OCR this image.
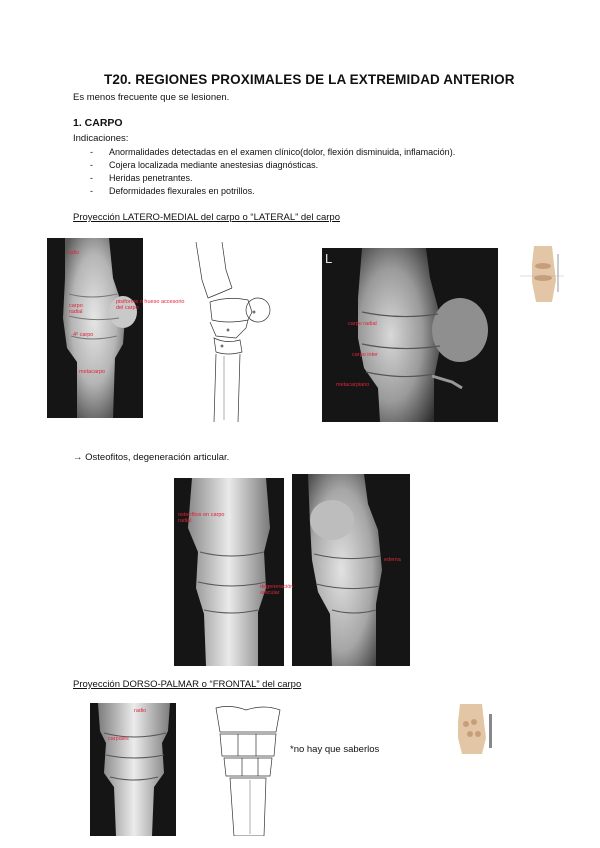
T20. REGIONES PROXIMALES DE LA EXTREMIDAD ANTERIOR
Es menos frecuente que se lesionen.
1. CARPO
Indicaciones:
- Anormalidades detectadas en el examen clínico(dolor, flexión disminuida, inflamación).
- Cojera localizada mediante anestesias diagnósticas.
- Heridas penetrantes.
- Deformidades flexurales en potrillos.
Proyección LATERO-MEDIAL del carpo o “LATERAL” del carpo
radio
carpo radial
4º carpo
metacarpo
pisiforme o hueso accesorio del carpo
L
carpo radial
carpo inter
metacarpiano
→ Osteofitos, degeneración articular.
osteofitos en carpo radial
edema
degeneración articular
Proyección DORSO-PALMAR o “FRONTAL” del carpo
radio
carpales
*no hay que saberlos
